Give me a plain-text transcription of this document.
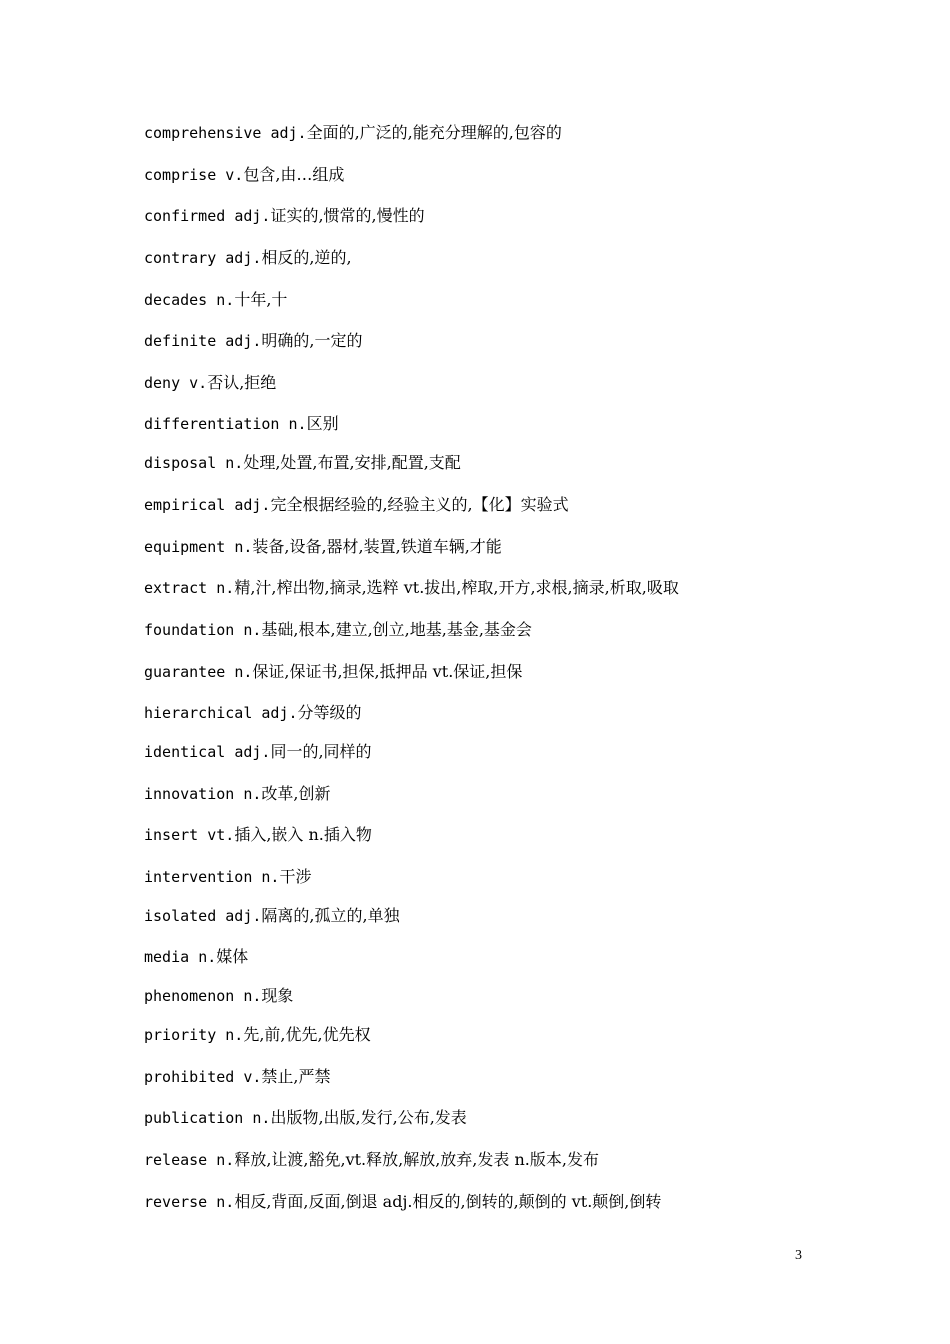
comprehensive adj.全面的,广泛的,能充分理解的,包容的
comprise v.包含,由…组成
confirmed adj.证实的,惯常的,慢性的
contrary adj.相反的,逆的,
decades n.十年,十
definite adj.明确的,一定的
deny v.否认,拒绝
differentiation n.区别
disposal n.处理,处置,布置,安排,配置,支配
empirical adj.完全根据经验的,经验主义的,【化】实验式
equipment n.装备,设备,器材,装置,铁道车辆,才能
extract n.精,汁,榨出物,摘录,选粹 vt.拔出,榨取,开方,求根,摘录,析取,吸取
foundation n.基础,根本,建立,创立,地基,基金,基金会
guarantee n.保证,保证书,担保,抵押品 vt.保证,担保
hierarchical adj.分等级的
identical adj.同一的,同样的
innovation n.改革,创新
insert vt.插入,嵌入 n.插入物
intervention n.干涉
isolated adj.隔离的,孤立的,单独
media n.媒体
phenomenon n.现象
priority n.先,前,优先,优先权
prohibited v.禁止,严禁
publication n.出版物,出版,发行,公布,发表
release n.释放,让渡,豁免,vt.释放,解放,放弃,发表 n.版本,发布
reverse n.相反,背面,反面,倒退 adj.相反的,倒转的,颠倒的 vt.颠倒,倒转
3
